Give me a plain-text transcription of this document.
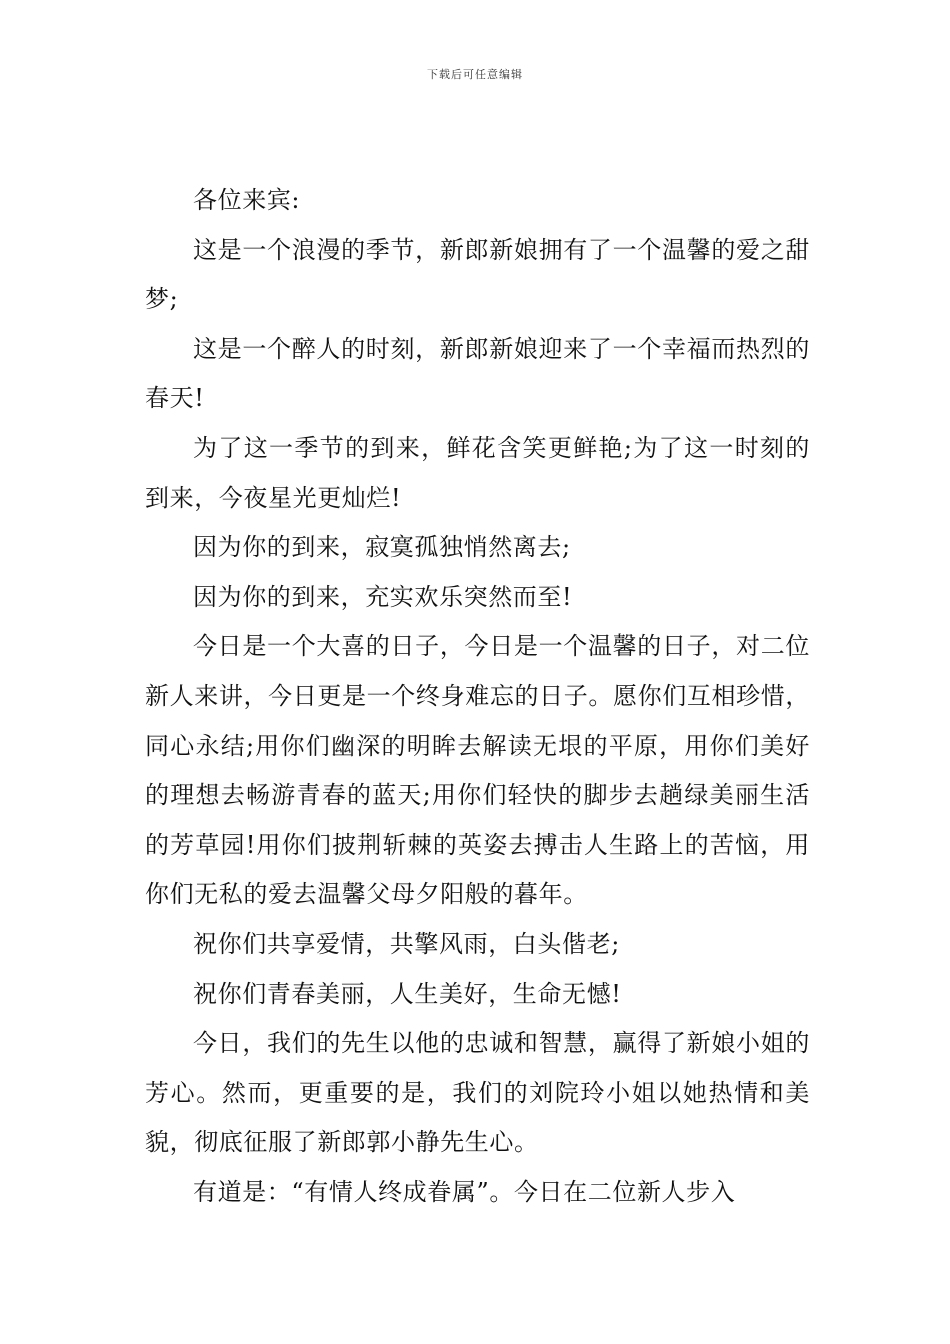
下载后可任意编辑

各位来宾:

这是一个浪漫的季节，新郎新娘拥有了一个温馨的爱之甜梦;

这是一个醉人的时刻，新郎新娘迎来了一个幸福而热烈的春天!

为了这一季节的到来，鲜花含笑更鲜艳;为了这一时刻的到来，今夜星光更灿烂!

因为你的到来，寂寞孤独悄然离去;

因为你的到来，充实欢乐突然而至!

今日是一个大喜的日子，今日是一个温馨的日子，对二位新人来讲，今日更是一个终身难忘的日子。愿你们互相珍惜，同心永结;用你们幽深的明眸去解读无垠的平原，用你们美好的理想去畅游青春的蓝天;用你们轻快的脚步去趟绿美丽生活的芳草园!用你们披荆斩棘的英姿去搏击人生路上的苦恼，用你们无私的爱去温馨父母夕阳般的暮年。

祝你们共享爱情，共擎风雨，白头偕老;

祝你们青春美丽，人生美好，生命无憾!

今日，我们的先生以他的忠诚和智慧，赢得了新娘小姐的芳心。然而，更重要的是，我们的刘院玲小姐以她热情和美貌，彻底征服了新郎郭小静先生心。

有道是：“有情人终成眷属”。今日在二位新人步入
